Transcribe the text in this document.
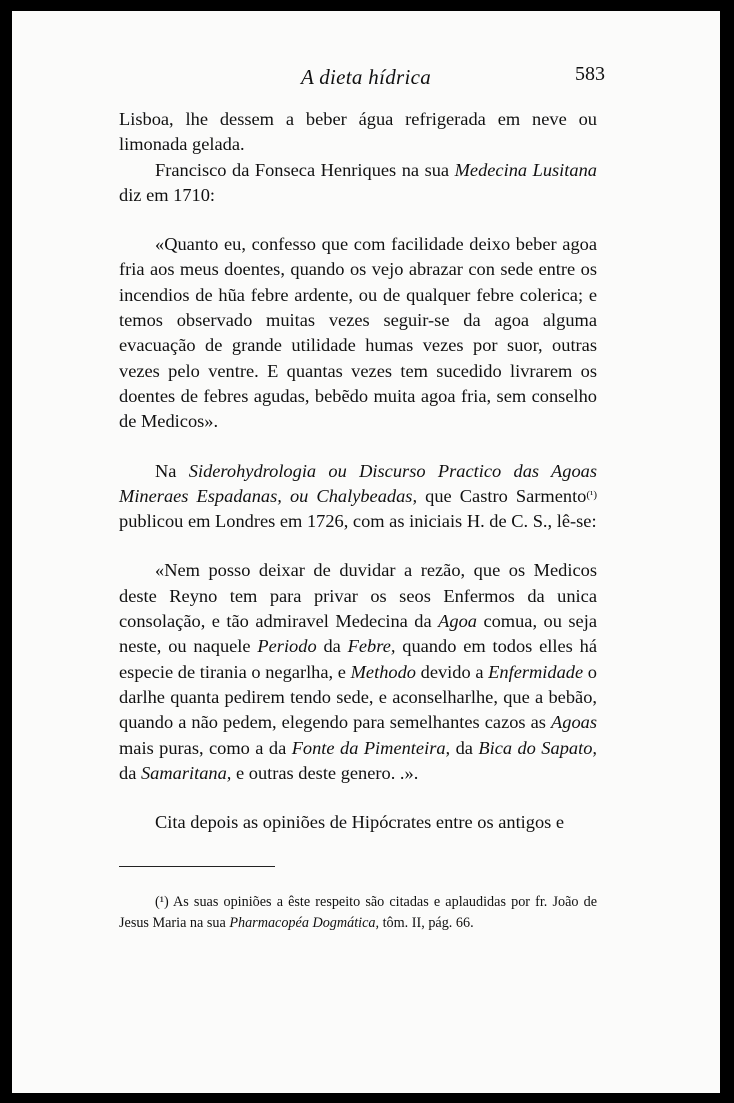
A dieta hídrica	583

Lisboa, lhe dessem a beber água refrigerada em neve ou limonada gelada.

Francisco da Fonseca Henriques na sua Medecina Lusitana diz em 1710:

«Quanto eu, confesso que com facilidade deixo beber agoa fria aos meus doentes, quando os vejo abrazar con sede entre os incendios de hũa febre ardente, ou de qualquer febre colerica; e temos observado muitas vezes seguir-se da agoa alguma evacuação de grande utilidade humas vezes por suor, outras vezes pelo ventre. E quantas vezes tem sucedido livrarem os doentes de febres agudas, bebẽdo muita agoa fria, sem conselho de Medicos».

Na Siderohydrologia ou Discurso Practico das Agoas Mineraes Espadanas, ou Chalybeadas, que Castro Sarmento$^{(^1)}$ publicou em Londres em 1726, com as iniciais H. de C. S., lê-se:

«Nem posso deixar de duvidar a rezão, que os Medicos deste Reyno tem para privar os seos Enfermos da unica consolação, e tão admiravel Medecina da Agoa comua, ou seja neste, ou naquele Periodo da Febre, quando em todos elles há especie de tirania o negarlha, e Methodo devido a Enfermidade o darlhe quanta pedirem tendo sede, e aconselharlhe, que a bebão, quando a não pedem, elegendo para semelhantes cazos as Agoas mais puras, como a da Fonte da Pimenteira, da Bica do Sapato, da Samaritana, e outras deste genero. .».

Cita depois as opiniões de Hipócrates entre os antigos e

(¹) As suas opiniões a êste respeito são citadas e aplaudidas por fr. João de Jesus Maria na sua Pharmacopéa Dogmática, tôm. II, pág. 66.
